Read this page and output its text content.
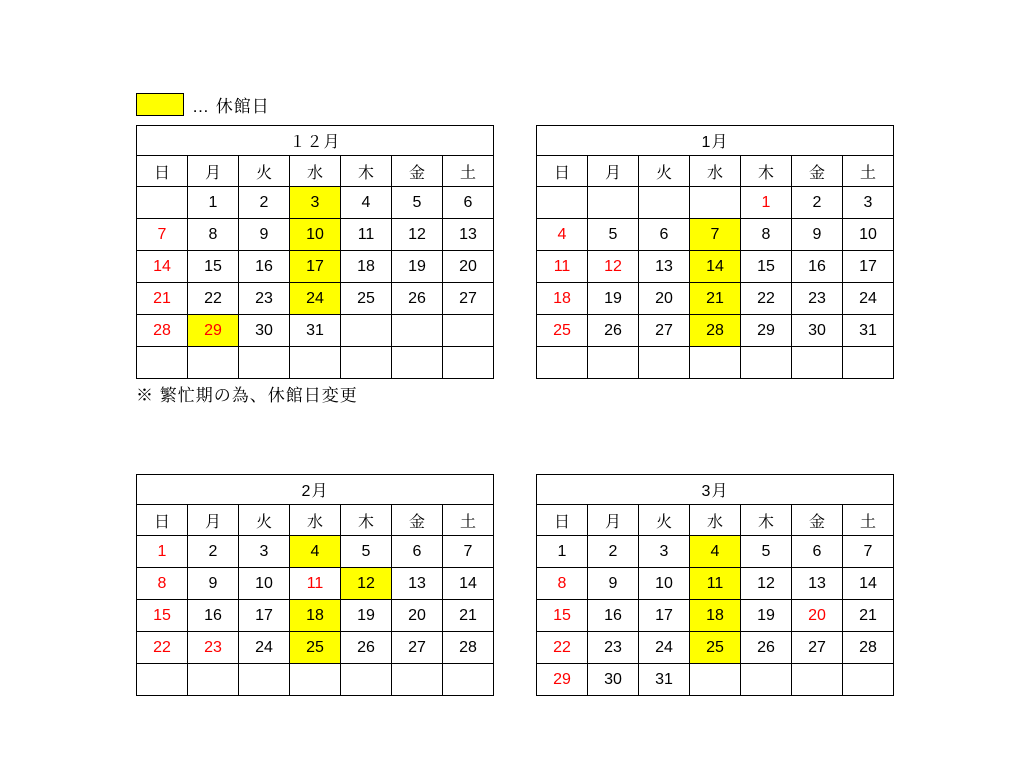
… 休館日
１２月						
日	月	火	水	木	金	土
	1	2	3	4	5	6
7	8	9	10	11	12	13
14	15	16	17	18	19	20
21	22	23	24	25	26	27
28	29	30	31			

1月						
日	月	火	水	木	金	土
				1	2	3
4	5	6	7	8	9	10
11	12	13	14	15	16	17
18	19	20	21	22	23	24
25	26	27	28	29	30	31

2月						
日	月	火	水	木	金	土
1	2	3	4	5	6	7
8	9	10	11	12	13	14
15	16	17	18	19	20	21
22	23	24	25	26	27	28

3月						
日	月	火	水	木	金	土
1	2	3	4	5	6	7
8	9	10	11	12	13	14
15	16	17	18	19	20	21
22	23	24	25	26	27	28
29	30	31				
※ 繁忙期の為、休館日変更
